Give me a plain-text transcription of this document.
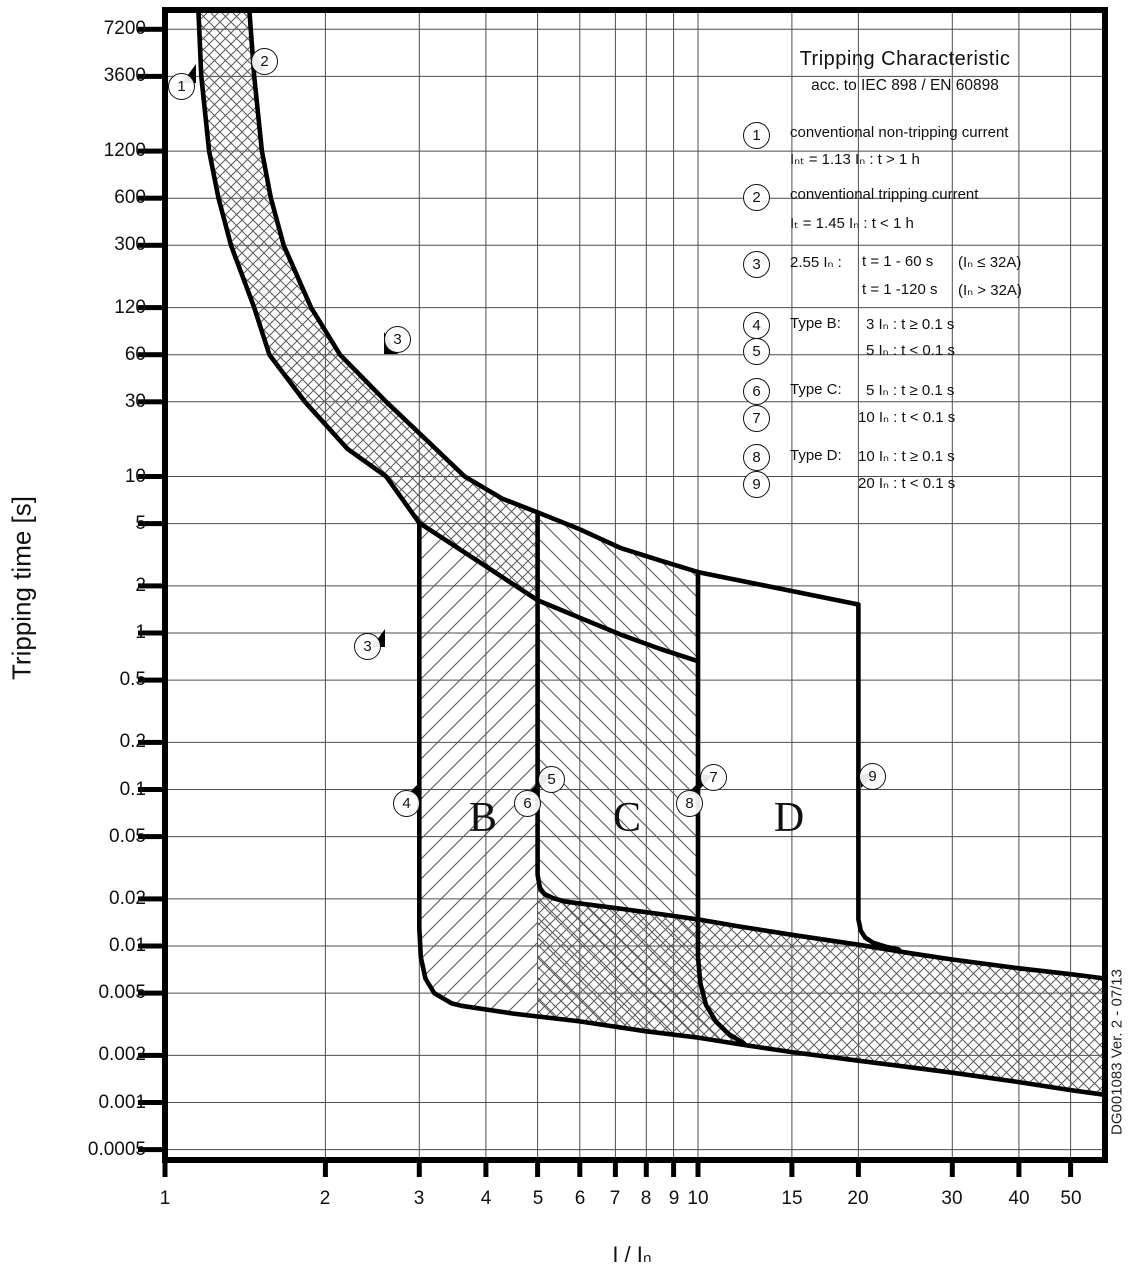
Tripping Characteristic
acc. to IEC 898 / EN 60898
7200
3600
1200
600
300
120
60
30
10
5
2
1
0.5
0.2
0.1
0.05
0.02
0.01
0.005
0.002
0.001
0.0005
1	2	3	4	5	6	7	8 9 10	15	20	30	40	50
1	conventional non-tripping current
Iₙₜ = 1.13 Iₙ : t > 1 h
2	conventional tripping current
Iₜ = 1.45 Iₙ : t < 1 h
3	2.55 Iₙ : t = 1 - 60 s (Iₙ ≤ 32A)
t = 1 -120 s (Iₙ > 32A)
4	Type B: 3 Iₙ : t ≥ 0.1 s
5	5 Iₙ : t < 0.1 s
6	Type C: 5 Iₙ : t ≥ 0.1 s
7	10 Iₙ : t < 0.1 s
8	Type D: 10 Iₙ : t ≥ 0.1 s
9	20 Iₙ : t < 0.1 s
1
2
3
3
4
5
6
7
8
9
B	C	D
Tripping time [s]
I / Iₙ
DG001083 Ver. 2 - 07/13
